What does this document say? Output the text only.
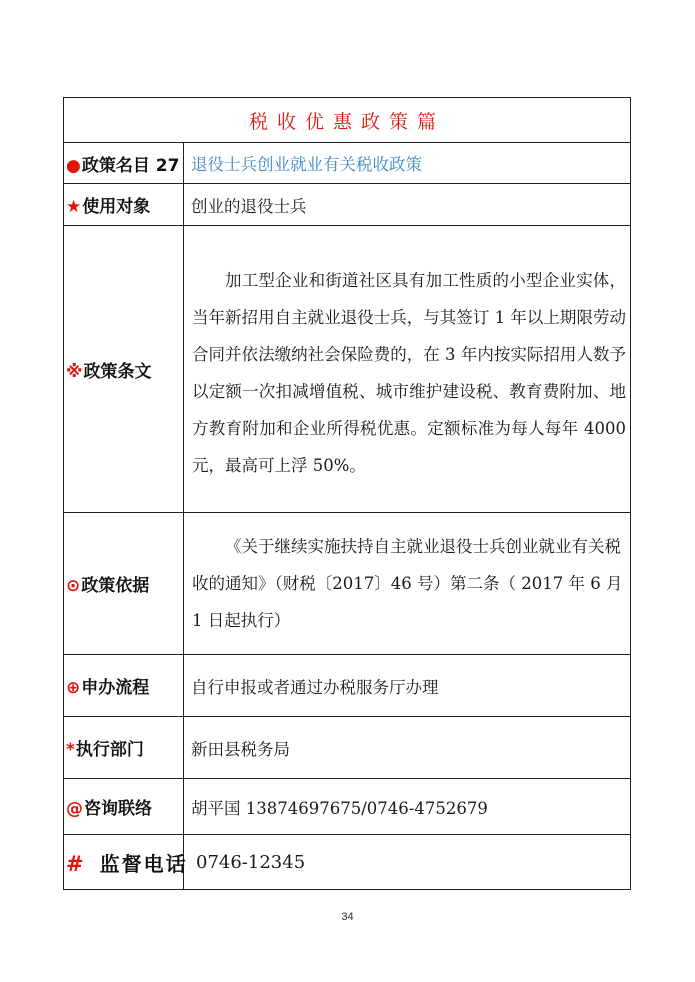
税收优惠政策篇	
●政策名目 27	退役士兵创业就业有关税收政策
★使用对象	创业的退役士兵
※政策条文	加工型企业和街道社区具有加工性质的小型企业实体，当年新招用自主就业退役士兵，与其签订 1 年以上期限劳动合同并依法缴纳社会保险费的，在 3 年内按实际招用人数予以定额一次扣减增值税、城市维护建设税、教育费附加、地方教育附加和企业所得税优惠。定额标准为每人每年 4000 元，最高可上浮 50%。

⊙政策依据	《关于继续实施扶持自主就业退役士兵创业就业有关税收的通知》（财税〔2017〕46 号）第二条（ 2017 年 6 月 1 日起执行）

⊕申办流程	自行申报或者通过办税服务厅办理
*执行部门	新田县税务局
@咨询联络	胡平国 13874697675/0746-4752679
# 监督电话	0746-12345
34
